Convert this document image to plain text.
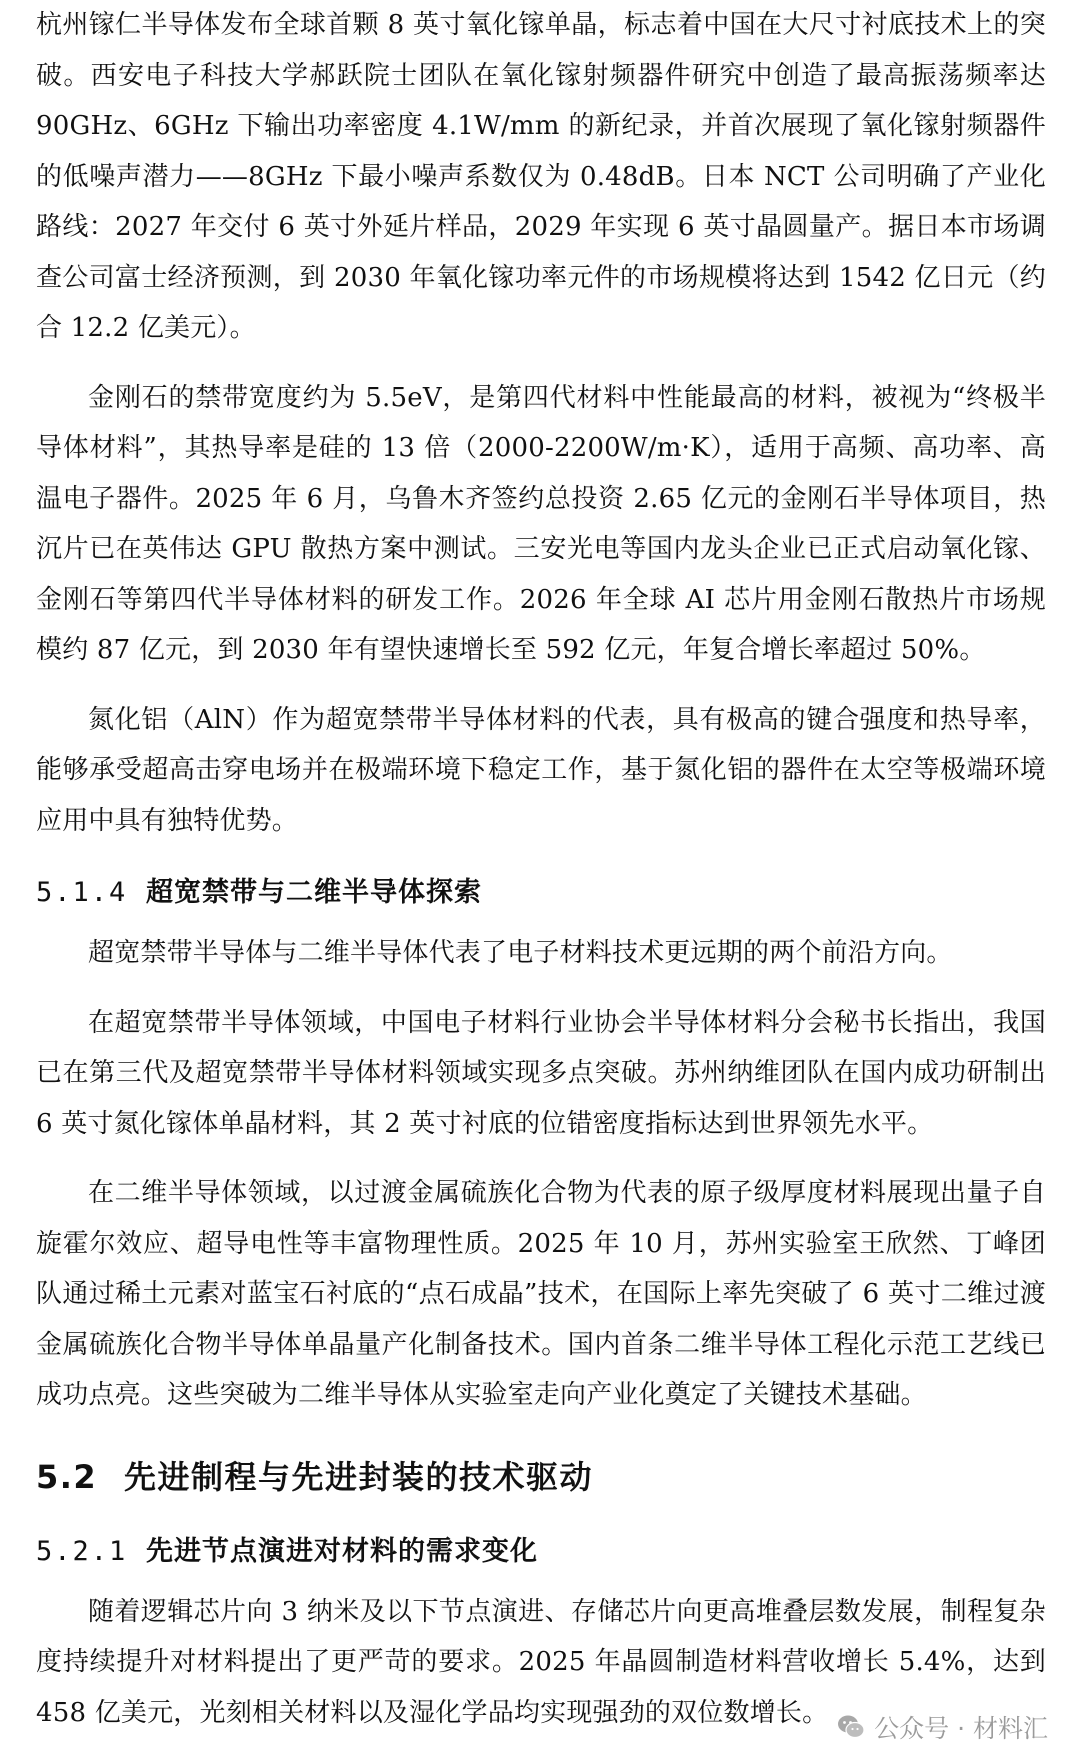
杭州镓仁半导体发布全球首颗 8 英寸氧化镓单晶，标志着中国在大尺寸衬底技术上的突破。西安电子科技大学郝跃院士团队在氧化镓射频器件研究中创造了最高振荡频率达 90GHz、6GHz 下输出功率密度 4.1W/mm 的新纪录，并首次展现了氧化镓射频器件的低噪声潜力——8GHz 下最小噪声系数仅为 0.48dB。日本 NCT 公司明确了产业化路线：2027 年交付 6 英寸外延片样品，2029 年实现 6 英寸晶圆量产。据日本市场调查公司富士经济预测，到 2030 年氧化镓功率元件的市场规模将达到 1542 亿日元（约合 12.2 亿美元）。

金刚石的禁带宽度约为 5.5eV，是第四代材料中性能最高的材料，被视为“终极半导体材料”，其热导率是硅的 13 倍（2000-2200W/m·K），适用于高频、高功率、高温电子器件。2025 年 6 月，乌鲁木齐签约总投资 2.65 亿元的金刚石半导体项目，热沉片已在英伟达 GPU 散热方案中测试。三安光电等国内龙头企业已正式启动氧化镓、金刚石等第四代半导体材料的研发工作。2026 年全球 AI 芯片用金刚石散热片市场规模约 87 亿元，到 2030 年有望快速增长至 592 亿元，年复合增长率超过 50%。

氮化铝（AlN）作为超宽禁带半导体材料的代表，具有极高的键合强度和热导率，能够承受超高击穿电场并在极端环境下稳定工作，基于氮化铝的器件在太空等极端环境应用中具有独特优势。

5.1.4 超宽禁带与二维半导体探索

超宽禁带半导体与二维半导体代表了电子材料技术更远期的两个前沿方向。

在超宽禁带半导体领域，中国电子材料行业协会半导体材料分会秘书长指出，我国已在第三代及超宽禁带半导体材料领域实现多点突破。苏州纳维团队在国内成功研制出 6 英寸氮化镓体单晶材料，其 2 英寸衬底的位错密度指标达到世界领先水平。

在二维半导体领域，以过渡金属硫族化合物为代表的原子级厚度材料展现出量子自旋霍尔效应、超导电性等丰富物理性质。2025 年 10 月，苏州实验室王欣然、丁峰团队通过稀土元素对蓝宝石衬底的“点石成晶”技术，在国际上率先突破了 6 英寸二维过渡金属硫族化合物半导体单晶量产化制备技术。国内首条二维半导体工程化示范工艺线已成功点亮。这些突破为二维半导体从实验室走向产业化奠定了关键技术基础。

5.2 先进制程与先进封装的技术驱动
5.2.1 先进节点演进对材料的需求变化

随着逻辑芯片向 3 纳米及以下节点演进、存储芯片向更高堆叠层数发展，制程复杂度持续提升对材料提出了更严苛的要求。2025 年晶圆制造材料营收增长 5.4%，达到 458 亿美元，光刻相关材料以及湿化学品均实现强劲的双位数增长。

公众号 · 材料汇
